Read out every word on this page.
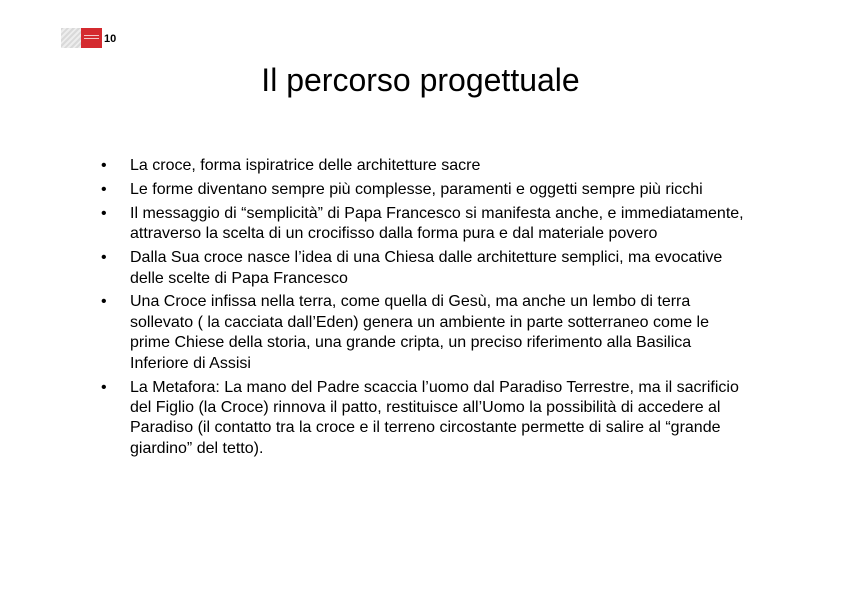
10
Il percorso progettuale
• La croce, forma ispiratrice delle architetture sacre
• Le forme diventano sempre più complesse, paramenti e oggetti sempre più ricchi
• Il messaggio di “semplicità” di Papa Francesco si manifesta anche, e immediatamente, attraverso la scelta di un crocifisso dalla forma pura e dal materiale povero
• Dalla Sua croce nasce l’idea di una Chiesa dalle architetture semplici, ma evocative delle scelte di Papa Francesco
• Una Croce infissa nella terra, come quella di Gesù, ma anche un lembo di terra sollevato ( la cacciata dall’Eden) genera un ambiente in parte sotterraneo come le prime Chiese della storia, una grande cripta, un preciso riferimento alla Basilica Inferiore di Assisi
• La Metafora: La mano del Padre scaccia l’uomo dal Paradiso Terrestre, ma il sacrificio del Figlio (la Croce) rinnova il patto, restituisce all’Uomo la possibilità di accedere al Paradiso (il contatto tra la croce e il terreno circostante permette di salire al “grande giardino” del tetto).
